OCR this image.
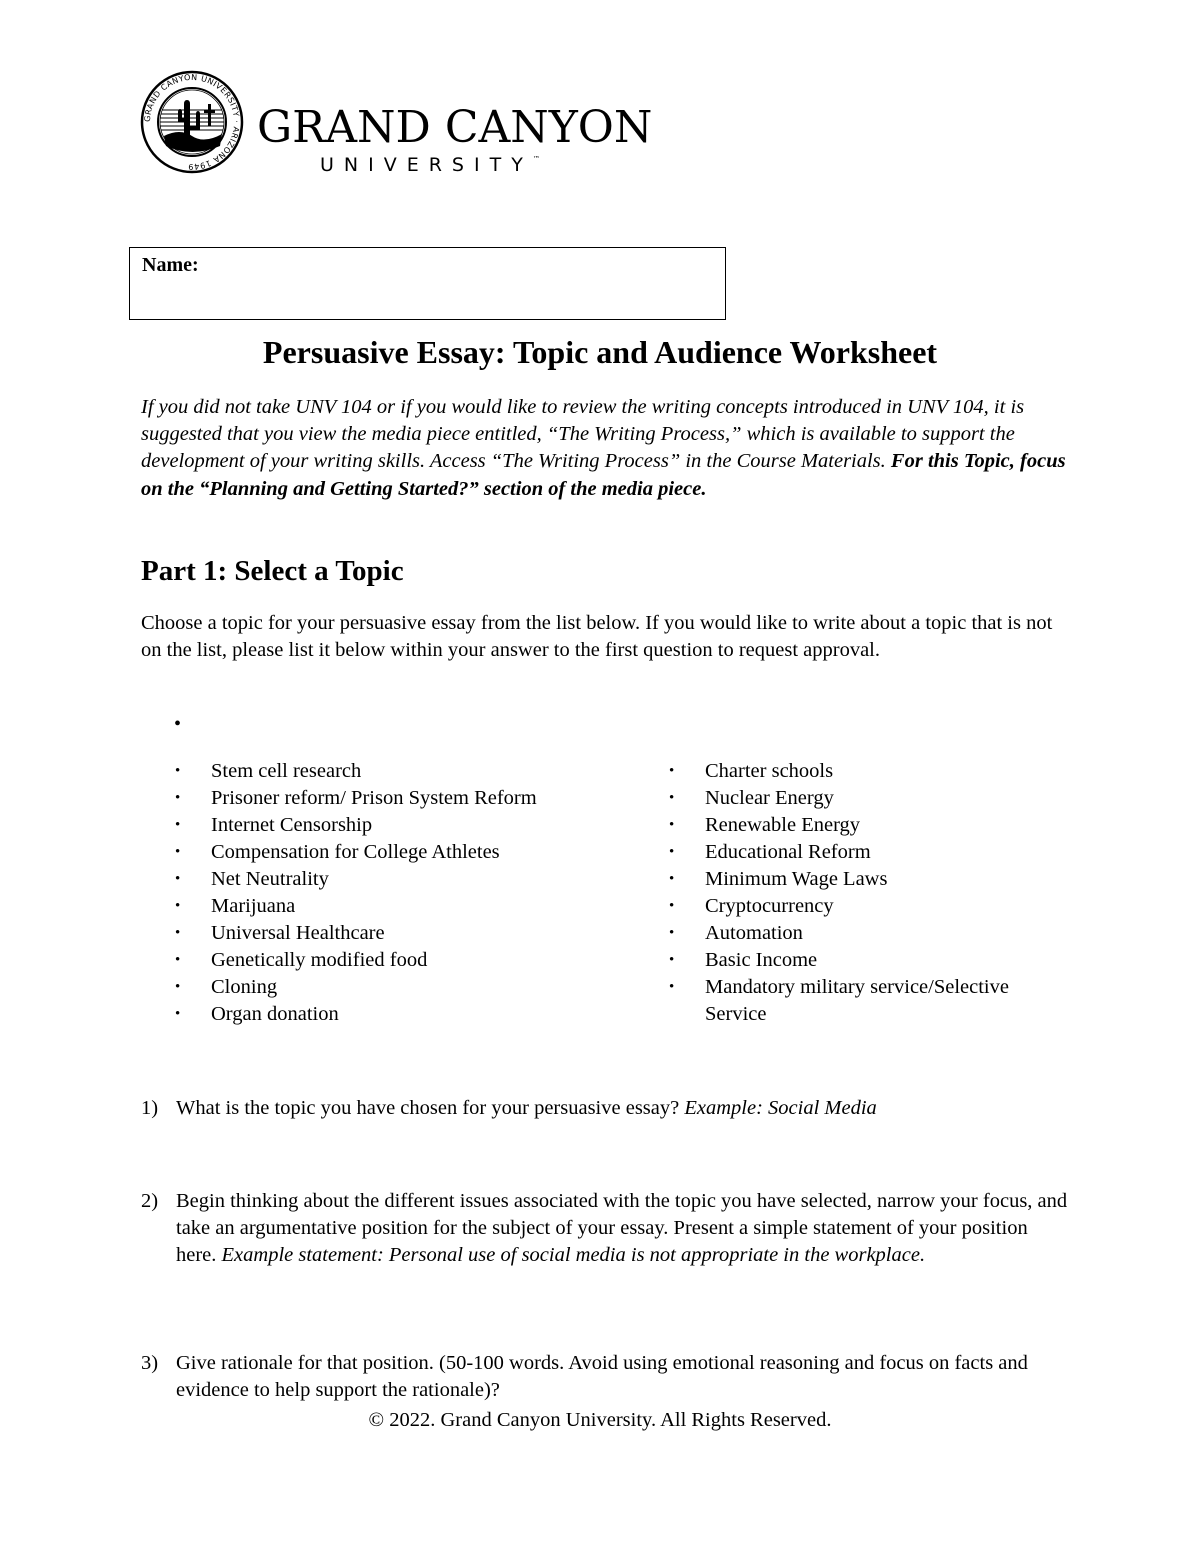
GRAND CANYON UNIVERSITY · ARIZONA 1949
GRAND CANYON
UNIVERSITY™
Name:
Persuasive Essay: Topic and Audience Worksheet
If you did not take UNV 104 or if you would like to review the writing concepts introduced in UNV 104, it is suggested that you view the media piece entitled, “The Writing Process,” which is available to support the development of your writing skills. Access “The Writing Process” in the Course Materials. For this Topic, focus on the “Planning and Getting Started?” section of the media piece.
Part 1: Select a Topic
Choose a topic for your persuasive essay from the list below. If you would like to write about a topic that is not on the list, please list it below within your answer to the first question to request approval.
•
• Stem cell research
• Prisoner reform/ Prison System Reform
• Internet Censorship
• Compensation for College Athletes
• Net Neutrality
• Marijuana
• Universal Healthcare
• Genetically modified food
• Cloning
• Organ donation
• Charter schools
• Nuclear Energy
• Renewable Energy
• Educational Reform
• Minimum Wage Laws
• Cryptocurrency
• Automation
• Basic Income
• Mandatory military service/Selective Service
1) What is the topic you have chosen for your persuasive essay? Example: Social Media
2) Begin thinking about the different issues associated with the topic you have selected, narrow your focus, and take an argumentative position for the subject of your essay. Present a simple statement of your position here. Example statement: Personal use of social media is not appropriate in the workplace.
3) Give rationale for that position. (50-100 words. Avoid using emotional reasoning and focus on facts and evidence to help support the rationale)?
© 2022. Grand Canyon University. All Rights Reserved.
